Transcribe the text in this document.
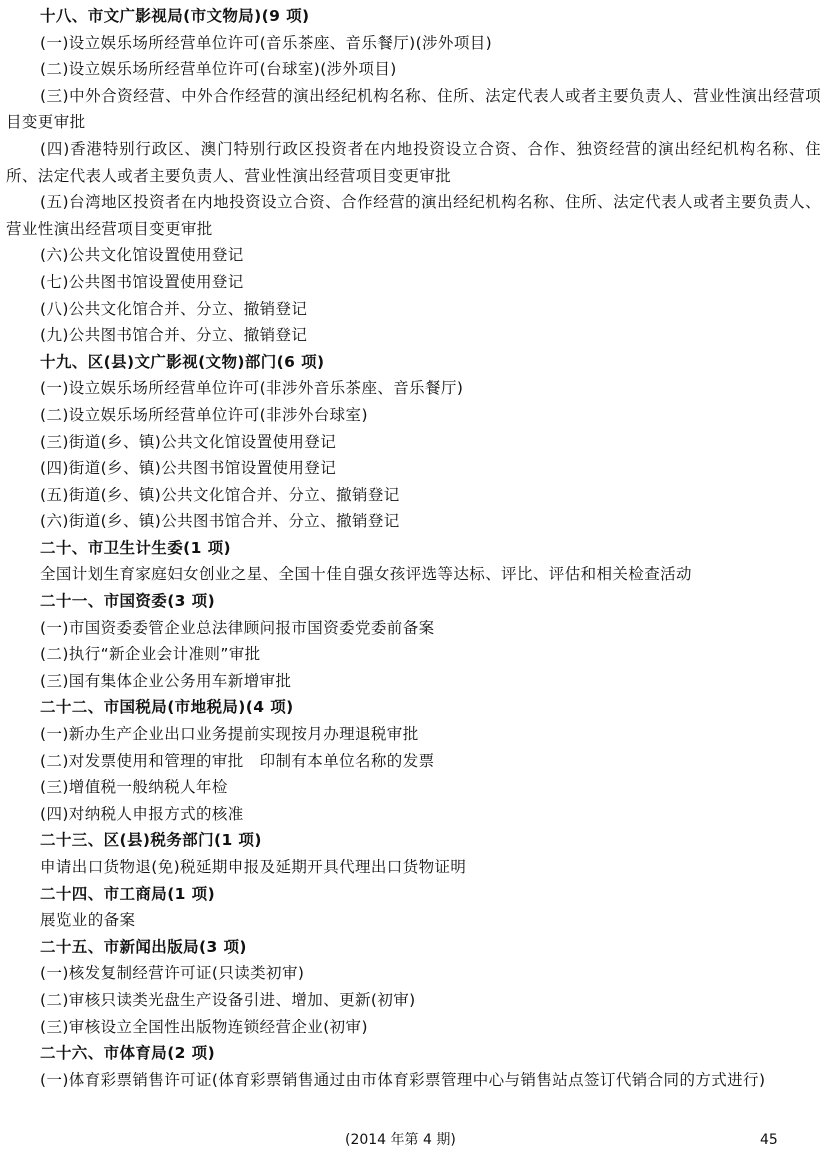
十八、市文广影视局(市文物局)(9 项)
(一)设立娱乐场所经营单位许可(音乐茶座、音乐餐厅)(涉外项目)
(二)设立娱乐场所经营单位许可(台球室)(涉外项目)
(三)中外合资经营、中外合作经营的演出经纪机构名称、住所、法定代表人或者主要负责人、营业性演出经营项目变更审批
(四)香港特别行政区、澳门特别行政区投资者在内地投资设立合资、合作、独资经营的演出经纪机构名称、住所、法定代表人或者主要负责人、营业性演出经营项目变更审批
(五)台湾地区投资者在内地投资设立合资、合作经营的演出经纪机构名称、住所、法定代表人或者主要负责人、营业性演出经营项目变更审批
(六)公共文化馆设置使用登记
(七)公共图书馆设置使用登记
(八)公共文化馆合并、分立、撤销登记
(九)公共图书馆合并、分立、撤销登记
十九、区(县)文广影视(文物)部门(6 项)
(一)设立娱乐场所经营单位许可(非涉外音乐茶座、音乐餐厅)
(二)设立娱乐场所经营单位许可(非涉外台球室)
(三)街道(乡、镇)公共文化馆设置使用登记
(四)街道(乡、镇)公共图书馆设置使用登记
(五)街道(乡、镇)公共文化馆合并、分立、撤销登记
(六)街道(乡、镇)公共图书馆合并、分立、撤销登记
二十、市卫生计生委(1 项)
全国计划生育家庭妇女创业之星、全国十佳自强女孩评选等达标、评比、评估和相关检查活动
二十一、市国资委(3 项)
(一)市国资委委管企业总法律顾问报市国资委党委前备案
(二)执行“新企业会计准则”审批
(三)国有集体企业公务用车新增审批
二十二、市国税局(市地税局)(4 项)
(一)新办生产企业出口业务提前实现按月办理退税审批
(二)对发票使用和管理的审批　印制有本单位名称的发票
(三)增值税一般纳税人年检
(四)对纳税人申报方式的核准
二十三、区(县)税务部门(1 项)
申请出口货物退(免)税延期申报及延期开具代理出口货物证明
二十四、市工商局(1 项)
展览业的备案
二十五、市新闻出版局(3 项)
(一)核发复制经营许可证(只读类初审)
(二)审核只读类光盘生产设备引进、增加、更新(初审)
(三)审核设立全国性出版物连锁经营企业(初审)
二十六、市体育局(2 项)
(一)体育彩票销售许可证(体育彩票销售通过由市体育彩票管理中心与销售站点签订代销合同的方式进行)
(2014 年第 4 期)	45
